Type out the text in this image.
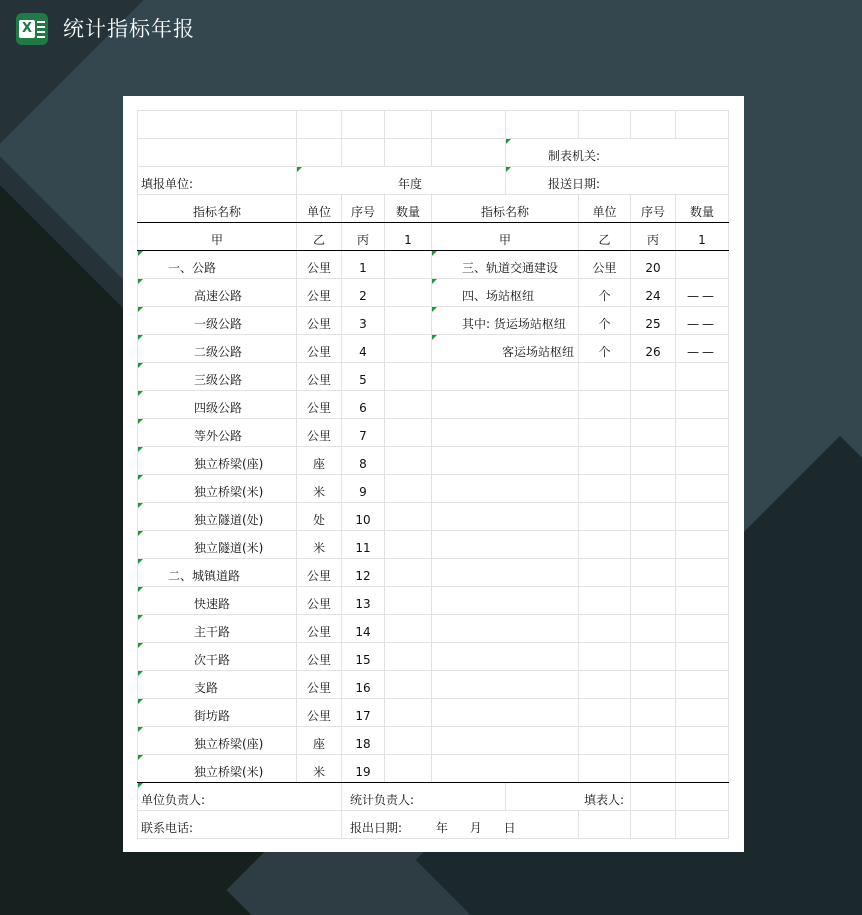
X 统计指标年报

					制表机关:			
填报单位:	年度				报送日期:			
指标名称	单位	序号	数量	指标名称		单位	序号	数量
甲	乙	丙	1	甲		乙	丙	1
一、公路	公里	1		三、轨道交通建设		公里	20	
高速公路	公里	2		四、场站枢纽		个	24	——
一级公路	公里	3		其中: 货运场站枢纽		个	25	——
二级公路	公里	4		客运场站枢纽		个	26	——
三级公路	公里	5						
四级公路	公里	6						
等外公路	公里	7						
独立桥梁(座)	座	8						
独立桥梁(米)	米	9						
独立隧道(处)	处	10						
独立隧道(米)	米	11						
二、城镇道路	公里	12						
快速路	公里	13						
主干路	公里	14						
次干路	公里	15						
支路	公里	16						
街坊路	公里	17						
独立桥梁(座)	座	18						
独立桥梁(米)	米	19						
单位负责人:		统计负责人:			填表人:			
联系电话:		报出日期: 年 月 日						
